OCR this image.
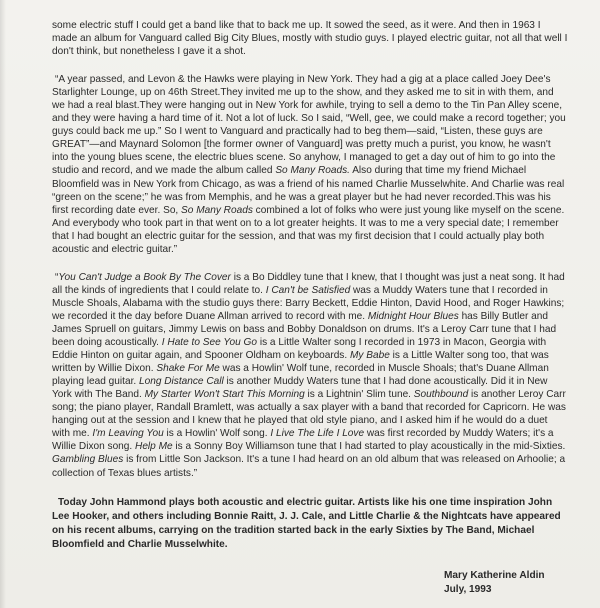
some electric stuff I could get a band like that to back me up. It sowed the seed, as it were. And then in 1963 I made an album for Vanguard called Big City Blues, mostly with studio guys. I played electric guitar, not all that well I don't think, but nonetheless I gave it a shot.

“A year passed, and Levon & the Hawks were playing in New York. They had a gig at a place called Joey Dee's Starlighter Lounge, up on 46th Street.They invited me up to the show, and they asked me to sit in with them, and we had a real blast.They were hanging out in New York for awhile, trying to sell a demo to the Tin Pan Alley scene, and they were having a hard time of it. Not a lot of luck. So I said, “Well, gee, we could make a record together; you guys could back me up.” So I went to Vanguard and practically had to beg them—said, “Listen, these guys are GREAT”—and Maynard Solomon [the former owner of Vanguard] was pretty much a purist, you know, he wasn't into the young blues scene, the electric blues scene. So anyhow, I managed to get a day out of him to go into the studio and record, and we made the album called So Many Roads. Also during that time my friend Michael Bloomfield was in New York from Chicago, as was a friend of his named Charlie Musselwhite. And Charlie was real “green on the scene;” he was from Memphis, and he was a great player but he had never recorded.This was his first recording date ever. So, So Many Roads combined a lot of folks who were just young like myself on the scene. And everybody who took part in that went on to a lot greater heights. It was to me a very special date; I remember that I had bought an electric guitar for the session, and that was my first decision that I could actually play both acoustic and electric guitar.”

“You Can't Judge a Book By The Cover is a Bo Diddley tune that I knew, that I thought was just a neat song. It had all the kinds of ingredients that I could relate to. I Can't be Satisfied was a Muddy Waters tune that I recorded in Muscle Shoals, Alabama with the studio guys there: Barry Beckett, Eddie Hinton, David Hood, and Roger Hawkins; we recorded it the day before Duane Allman arrived to record with me. Midnight Hour Blues has Billy Butler and James Spruell on guitars, Jimmy Lewis on bass and Bobby Donaldson on drums. It's a Leroy Carr tune that I had been doing acoustically. I Hate to See You Go is a Little Walter song I recorded in 1973 in Macon, Georgia with Eddie Hinton on guitar again, and Spooner Oldham on keyboards. My Babe is a Little Walter song too, that was written by Willie Dixon. Shake For Me was a Howlin' Wolf tune, recorded in Muscle Shoals; that's Duane Allman playing lead guitar. Long Distance Call is another Muddy Waters tune that I had done acoustically. Did it in New York with The Band. My Starter Won't Start This Morning is a Lightnin' Slim tune. Southbound is another Leroy Carr song; the piano player, Randall Bramlett, was actually a sax player with a band that recorded for Capricorn. He was hanging out at the session and I knew that he played that old style piano, and I asked him if he would do a duet with me. I'm Leaving You is a Howlin' Wolf song. I Live The Life I Love was first recorded by Muddy Waters; it's a Willie Dixon song. Help Me is a Sonny Boy Williamson tune that I had started to play acoustically in the mid-Sixties. Gambling Blues is from Little Son Jackson. It's a tune I had heard on an old album that was released on Arhoolie; a collection of Texas blues artists.”

Today John Hammond plays both acoustic and electric guitar. Artists like his one time inspiration John Lee Hooker, and others including Bonnie Raitt, J. J. Cale, and Little Charlie & the Nightcats have appeared on his recent albums, carrying on the tradition started back in the early Sixties by The Band, Michael Bloomfield and Charlie Musselwhite.

Mary Katherine Aldin
July, 1993
